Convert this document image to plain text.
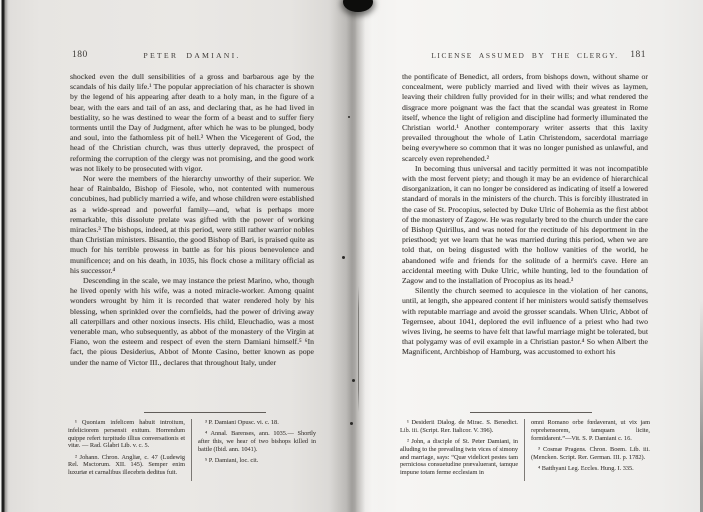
180	PETER DAMIANI.

shocked even the dull sensibilities of a gross and barbarous age by the scandals of his daily life.¹ The popular appreciation of his character is shown by the legend of his appearing after death to a holy man, in the figure of a bear, with the ears and tail of an ass, and declaring that, as he had lived in bestiality, so he was destined to wear the form of a beast and to suffer fiery torments until the Day of Judgment, after which he was to be plunged, body and soul, into the fathomless pit of hell.² When the Vicegerent of God, the head of the Christian church, was thus utterly depraved, the prospect of reforming the corruption of the clergy was not promising, and the good work was not likely to be prosecuted with vigor.

Nor were the members of the hierarchy unworthy of their superior. We hear of Rainbaldo, Bishop of Fiesole, who, not contented with numerous concubines, had publicly married a wife, and whose children were established as a wide-spread and powerful family—and, what is perhaps more remarkable, this dissolute prelate was gifted with the power of working miracles.³ The bishops, indeed, at this period, were still rather warrior nobles than Christian ministers. Bisantio, the good Bishop of Bari, is praised quite as much for his terrible prowess in battle as for his pious benevolence and munificence; and on his death, in 1035, his flock chose a military official as his successor.⁴

Descending in the scale, we may instance the priest Marino, who, though he lived openly with his wife, was a noted miracle-worker. Among quaint wonders wrought by him it is recorded that water rendered holy by his blessing, when sprinkled over the cornfields, had the power of driving away all caterpillars and other noxious insects. His child, Eleuchadio, was a most venerable man, who subsequently, as abbot of the monastery of the Virgin at Fiano, won the esteem and respect of even the stern Damiani himself.⁵ ⁶In fact, the pious Desiderius, Abbot of Monte Casino, better known as pope under the name of Victor III., declares that throughout Italy, under

¹ Quoniam infelicem habuit introitum, infeliciorem persensit exitum. Horrendum quippe refert turpitudo illius conversationis et vitæ. — Rad. Glabri Lib. v. c. 5.

² Johann. Chron. Angliæ, c. 47 (Ludewig Rel. Msctorum. XII. 145). Semper enim luxuriæ et carnalibus illecebris deditus fuit.

³ P. Damiani Opusc. vi. c. 18.

⁴ Annal. Barenses, ann. 1035.— Shortly after this, we hear of two bishops killed in battle (Ibid. ann. 1041).

⁵ P. Damiani, loc. cit.

LICENSE ASSUMED BY THE CLERGY.	181

the pontificate of Benedict, all orders, from bishops down, without shame or concealment, were publicly married and lived with their wives as laymen, leaving their children fully provided for in their wills; and what rendered the disgrace more poignant was the fact that the scandal was greatest in Rome itself, whence the light of religion and discipline had formerly illuminated the Christian world.¹ Another contemporary writer asserts that this laxity prevailed throughout the whole of Latin Christendom, sacerdotal marriage being everywhere so common that it was no longer punished as unlawful, and scarcely even reprehended.²

In becoming thus universal and tacitly permitted it was not incompatible with the most fervent piety; and though it may be an evidence of hierarchical disorganization, it can no longer be considered as indicating of itself a lowered standard of morals in the ministers of the church. This is forcibly illustrated in the case of St. Procopius, selected by Duke Ulric of Bohemia as the first abbot of the monastery of Zagow. He was regularly bred to the church under the care of Bishop Quirillus, and was noted for the rectitude of his deportment in the priesthood; yet we learn that he was married during this period, when we are told that, on being disgusted with the hollow vanities of the world, he abandoned wife and friends for the solitude of a hermit's cave. Here an accidental meeting with Duke Ulric, while hunting, led to the foundation of Zagow and to the installation of Procopius as its head.³

Silently the church seemed to acquiesce in the violation of her canons, until, at length, she appeared content if her ministers would satisfy themselves with reputable marriage and avoid the grosser scandals. When Ulric, Abbot of Tegernsee, about 1041, deplored the evil influence of a priest who had two wives living, he seems to have felt that lawful marriage might be tolerated, but that polygamy was of evil example in a Christian pastor.⁴ So when Albert the Magnificent, Archbishop of Hamburg, was accustomed to exhort his

¹ Desiderii Dialog. de Mirac. S. Benedict. Lib. iii. (Script. Rer. Italicor. V. 396).

² John, a disciple of St. Peter Damiani, in alluding to the prevailing twin vices of simony and marriage, says: “Quæ videlicet pestes tam perniciosa consuetudine prævaluerant, tamque impune totam ferme ecclesiam in

omni Romano orbe fœdaverant, ut vix jam reprehensorem, tamquam licite, formidarent.”—Vit. S. P. Damiani c. 16.

³ Cosmæ Pragens. Chron. Boem. Lib. iii. (Mencken. Script. Rer. German. III. p. 1782).

⁴ Batthyani Leg. Eccles. Hung. I. 335.
